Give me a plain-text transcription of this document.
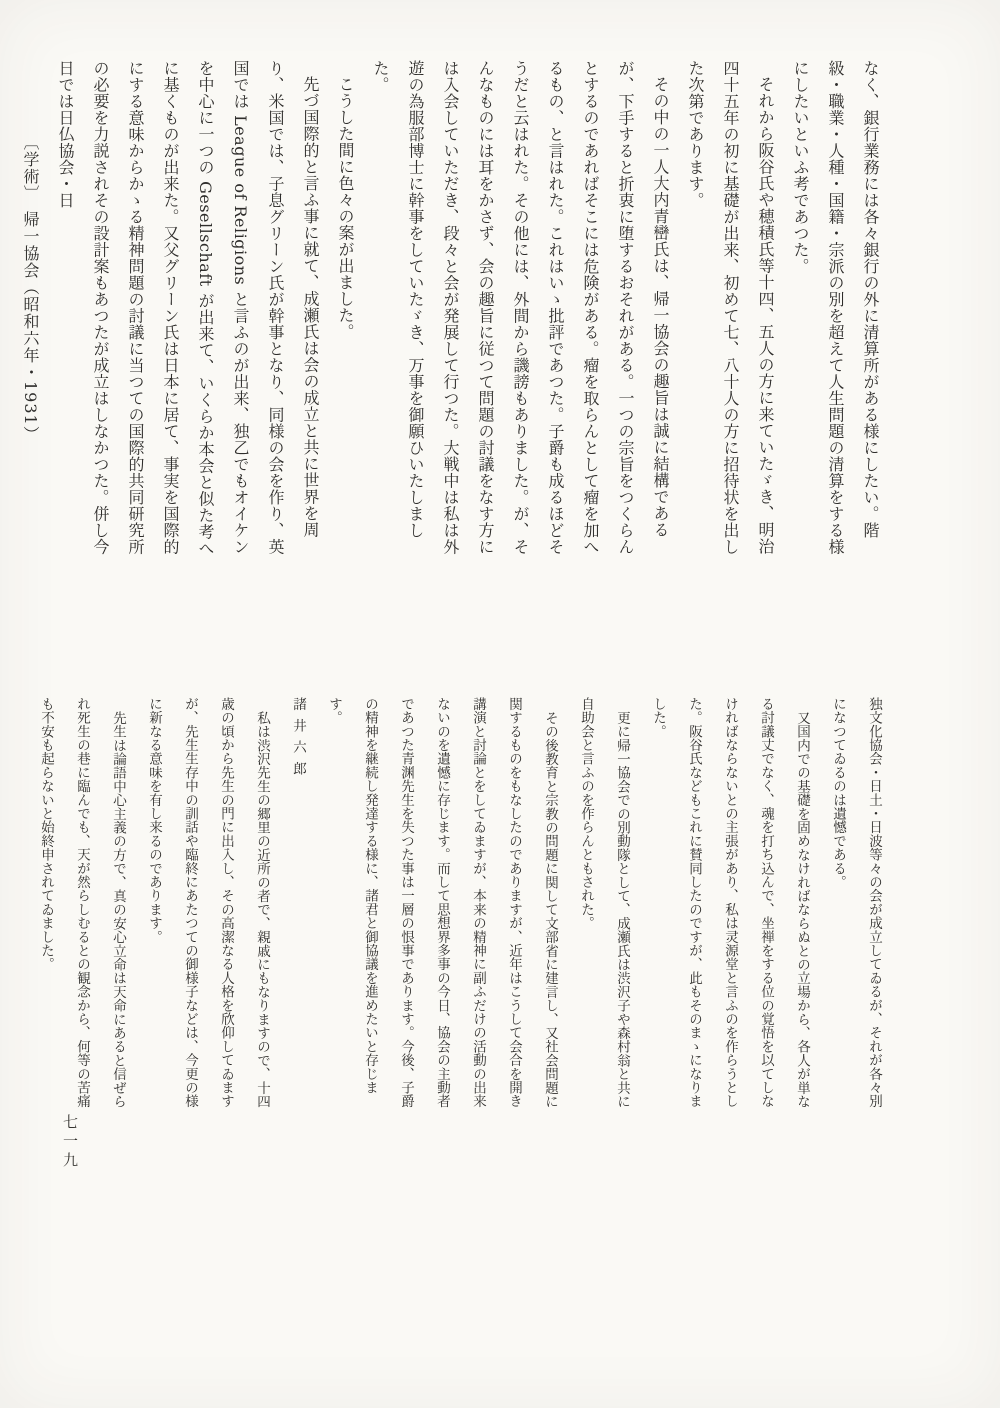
なく、銀行業務には各々銀行の外に清算所がある様にしたい。階級・職業・人種・国籍・宗派の別を超えて人生問題の清算をする様にしたいといふ考であつた。

それから阪谷氏や穂積氏等十四、五人の方に来ていたゞき、明治四十五年の初に基礎が出来、初めて七、八十人の方に招待状を出した次第であります。

その中の一人大内青巒氏は、帰一協会の趣旨は誠に結構であるが、下手すると折衷に堕するおそれがある。一つの宗旨をつくらんとするのであればそこには危険がある。瘤を取らんとして瘤を加へるもの、と言はれた。これはいゝ批評であつた。子爵も成るほどそうだと云はれた。その他には、外間から譏謗もありました。が、そんなものには耳をかさず、会の趣旨に従つて問題の討議をなす方には入会していただき、段々と会が発展して行つた。大戦中は私は外遊の為服部博士に幹事をしていたゞき、万事を御願ひいたしました。

こうした間に色々の案が出ました。

先づ国際的と言ふ事に就て、成瀬氏は会の成立と共に世界を周り、米国では、子息グリーン氏が幹事となり、同様の会を作り、英国では League of Religions と言ふのが出来、独乙でもオイケンを中心に一つの Gesellschaft が出来て、いくらか本会と似た考へに基くものが出来た。又父グリーン氏は日本に居て、事実を国際的にする意味からかゝる精神問題の討議に当つての国際的共同研究所の必要を力説されその設計案もあつたが成立はしなかつた。併し今日では日仏協会・日

〔学術〕　帰一協会（昭和六年・1931）

独文化協会・日土・日波等々の会が成立してゐるが、それが各々別になつてゐるのは遺憾である。

又国内での基礎を固めなければならぬとの立場から、各人が単なる討議丈でなく、魂を打ち込んで、坐禅をする位の覚悟を以てしなければならないとの主張があり、私は灵源堂と言ふのを作らうとした。阪谷氏などもこれに賛同したのですが、此もそのまゝになりました。

更に帰一協会での別動隊として、成瀬氏は渋沢子や森村翁と共に自助会と言ふのを作らんともされた。

その後教育と宗教の問題に関して文部省に建言し、又社会問題に関するものをもなしたのでありますが、近年はこうして会合を開き講演と討論とをしてゐますが、本来の精神に副ふだけの活動の出来ないのを遺憾に存じます。而して思想界多事の今日、協会の主動者であつた青渊先生を失つた事は一層の恨事であります。今後、子爵の精神を継続し発達する様に、諸君と御協議を進めたいと存じます。

諸井六郎

私は渋沢先生の郷里の近所の者で、親戚にもなりますので、十四歳の頃から先生の門に出入し、その高潔なる人格を欣仰してゐますが、先生生存中の訓話や臨終にあたつての御様子などは、今更の様に新なる意味を有し来るのであります。

先生は論語中心主義の方で、真の安心立命は天命にあると信ぜられ死生の巷に臨んでも、天が然らしむるとの観念から、何等の苦痛も不安も起らないと始終申されてゐました。

七一九
